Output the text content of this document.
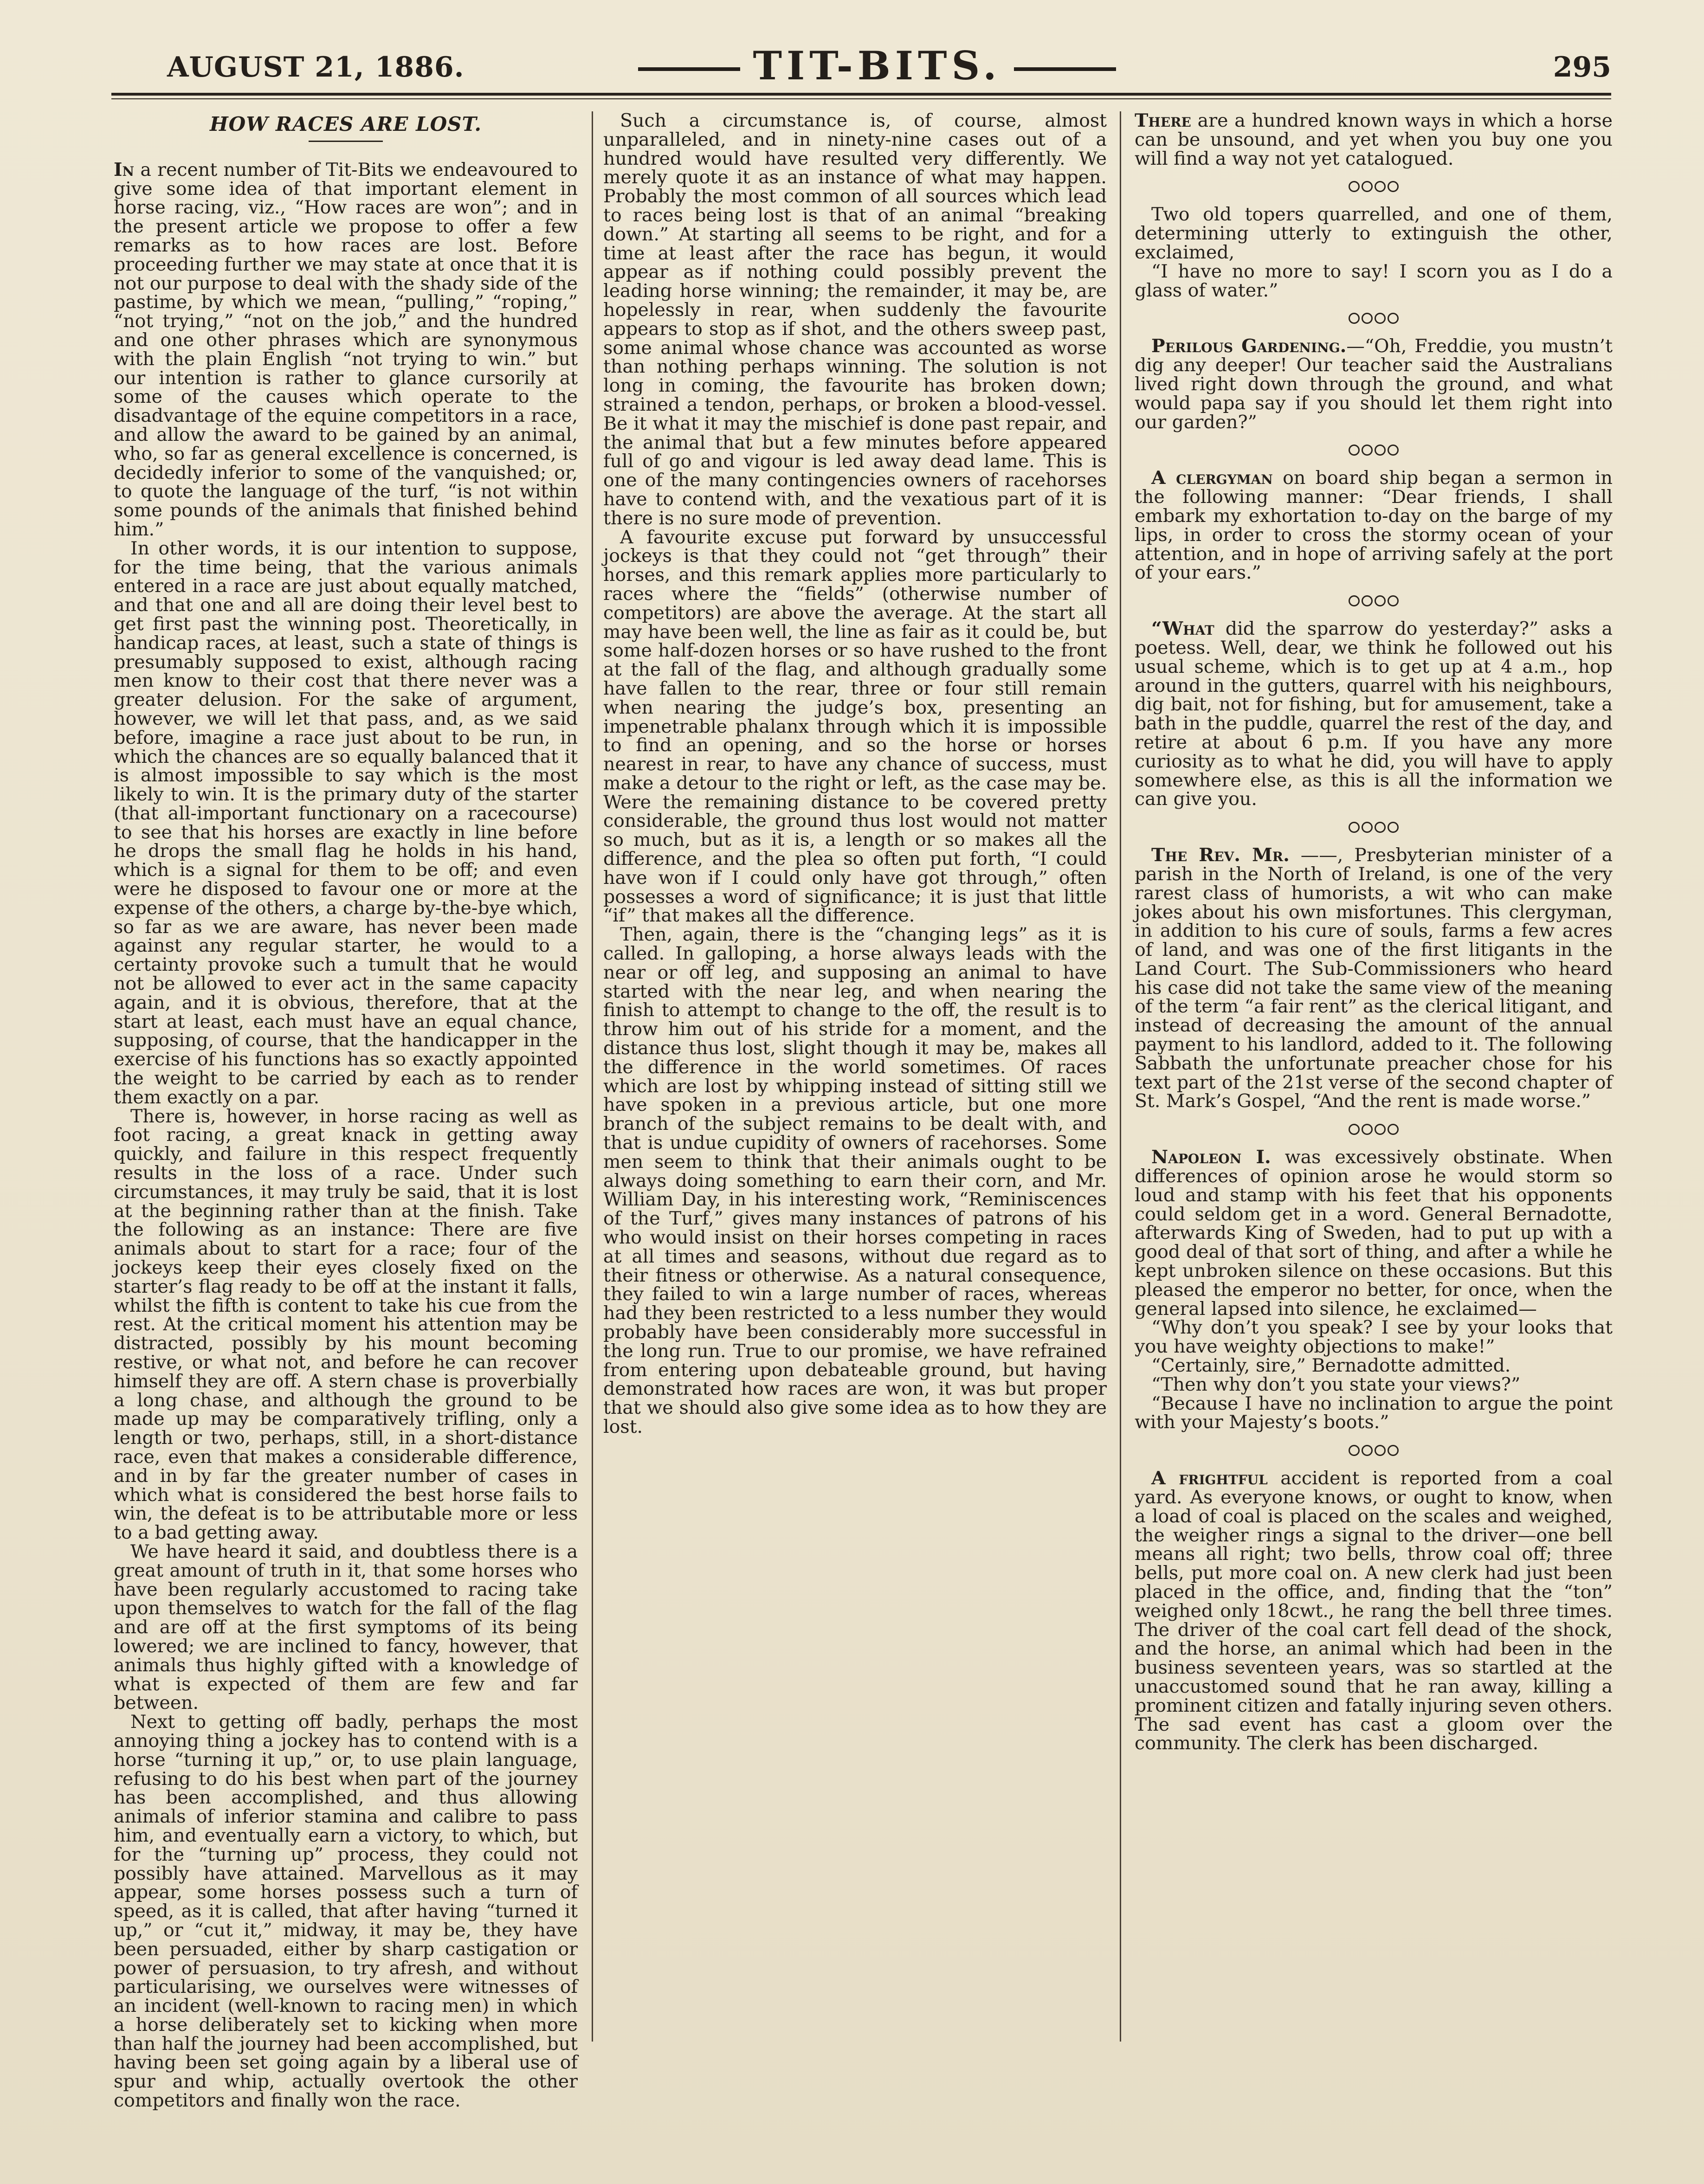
AUGUST 21, 1886.	TIT-BITS.	295
HOW RACES ARE LOST.

In a recent number of Tit-Bits we endeavoured to give some idea of that important element in horse racing, viz., “How races are won”; and in the present article we propose to offer a few remarks as to how races are lost. Before proceeding further we may state at once that it is not our purpose to deal with the shady side of the pastime, by which we mean, “pulling,” “roping,” “not trying,” “not on the job,” and the hundred and one other phrases which are synonymous with the plain English “not trying to win.” but our intention is rather to glance cursorily at some of the causes which operate to the disadvantage of the equine competitors in a race, and allow the award to be gained by an animal, who, so far as general excellence is concerned, is decidedly inferior to some of the vanquished; or, to quote the language of the turf, “is not within some pounds of the animals that finished behind him.”

In other words, it is our intention to suppose, for the time being, that the various animals entered in a race are just about equally matched, and that one and all are doing their level best to get first past the winning post. Theoretically, in handicap races, at least, such a state of things is presumably supposed to exist, although racing men know to their cost that there never was a greater delusion. For the sake of argument, however, we will let that pass, and, as we said before, imagine a race just about to be run, in which the chances are so equally balanced that it is almost impossible to say which is the most likely to win. It is the primary duty of the starter (that all-important functionary on a racecourse) to see that his horses are exactly in line before he drops the small flag he holds in his hand, which is a signal for them to be off; and even were he disposed to favour one or more at the expense of the others, a charge by-the-bye which, so far as we are aware, has never been made against any regular starter, he would to a certainty provoke such a tumult that he would not be allowed to ever act in the same capacity again, and it is obvious, therefore, that at the start at least, each must have an equal chance, supposing, of course, that the handicapper in the exercise of his functions has so exactly appointed the weight to be carried by each as to render them exactly on a par.

There is, however, in horse racing as well as foot racing, a great knack in getting away quickly, and failure in this respect frequently results in the loss of a race. Under such circumstances, it may truly be said, that it is lost at the beginning rather than at the finish. Take the following as an instance: There are five animals about to start for a race; four of the jockeys keep their eyes closely fixed on the starter’s flag ready to be off at the instant it falls, whilst the fifth is content to take his cue from the rest. At the critical moment his attention may be distracted, possibly by his mount becoming restive, or what not, and before he can recover himself they are off. A stern chase is proverbially a long chase, and although the ground to be made up may be comparatively trifling, only a length or two, perhaps, still, in a short-distance race, even that makes a considerable difference, and in by far the greater number of cases in which what is considered the best horse fails to win, the defeat is to be attributable more or less to a bad getting away.

We have heard it said, and doubtless there is a great amount of truth in it, that some horses who have been regularly accustomed to racing take upon themselves to watch for the fall of the flag and are off at the first symptoms of its being lowered; we are inclined to fancy, however, that animals thus highly gifted with a knowledge of what is expected of them are few and far between.

Next to getting off badly, perhaps the most annoying thing a jockey has to contend with is a horse “turning it up,” or, to use plain language, refusing to do his best when part of the journey has been accomplished, and thus allowing animals of inferior stamina and calibre to pass him, and eventually earn a victory, to which, but for the “turning up” process, they could not possibly have attained. Marvellous as it may appear, some horses possess such a turn of speed, as it is called, that after having “turned it up,” or “cut it,” midway, it may be, they have been persuaded, either by sharp castigation or power of persuasion, to try afresh, and without particularising, we ourselves were witnesses of an incident (well-known to racing men) in which a horse deliberately set to kicking when more than half the journey had been accomplished, but having been set going again by a liberal use of spur and whip, actually overtook the other competitors and finally won the race.

Such a circumstance is, of course, almost unparalleled, and in ninety-nine cases out of a hundred would have resulted very differently. We merely quote it as an instance of what may happen. Probably the most common of all sources which lead to races being lost is that of an animal “breaking down.” At starting all seems to be right, and for a time at least after the race has begun, it would appear as if nothing could possibly prevent the leading horse winning; the remainder, it may be, are hopelessly in rear, when suddenly the favourite appears to stop as if shot, and the others sweep past, some animal whose chance was accounted as worse than nothing perhaps winning. The solution is not long in coming, the favourite has broken down; strained a tendon, perhaps, or broken a blood-vessel. Be it what it may the mischief is done past repair, and the animal that but a few minutes before appeared full of go and vigour is led away dead lame. This is one of the many contingencies owners of racehorses have to contend with, and the vexatious part of it is there is no sure mode of prevention.

A favourite excuse put forward by unsuccessful jockeys is that they could not “get through” their horses, and this remark applies more particularly to races where the “fields” (otherwise number of competitors) are above the average. At the start all may have been well, the line as fair as it could be, but some half-dozen horses or so have rushed to the front at the fall of the flag, and although gradually some have fallen to the rear, three or four still remain when nearing the judge’s box, presenting an impenetrable phalanx through which it is impossible to find an opening, and so the horse or horses nearest in rear, to have any chance of success, must make a detour to the right or left, as the case may be. Were the remaining distance to be covered pretty considerable, the ground thus lost would not matter so much, but as it is, a length or so makes all the difference, and the plea so often put forth, “I could have won if I could only have got through,” often possesses a word of significance; it is just that little “if” that makes all the difference.

Then, again, there is the “changing legs” as it is called. In galloping, a horse always leads with the near or off leg, and supposing an animal to have started with the near leg, and when nearing the finish to attempt to change to the off, the result is to throw him out of his stride for a moment, and the distance thus lost, slight though it may be, makes all the difference in the world sometimes. Of races which are lost by whipping instead of sitting still we have spoken in a previous article, but one more branch of the subject remains to be dealt with, and that is undue cupidity of owners of racehorses. Some men seem to think that their animals ought to be always doing something to earn their corn, and Mr. William Day, in his interesting work, “Reminiscences of the Turf,” gives many instances of patrons of his who would insist on their horses competing in races at all times and seasons, without due regard as to their fitness or otherwise. As a natural consequence, they failed to win a large number of races, whereas had they been restricted to a less number they would probably have been considerably more successful in the long run. True to our promise, we have refrained from entering upon debateable ground, but having demonstrated how races are won, it was but proper that we should also give some idea as to how they are lost.

There are a hundred known ways in which a horse can be unsound, and yet when you buy one you will find a way not yet catalogued.

Two old topers quarrelled, and one of them, determining utterly to extinguish the other, exclaimed,

“I have no more to say! I scorn you as I do a glass of water.”

Perilous Gardening.—“Oh, Freddie, you mustn’t dig any deeper! Our teacher said the Australians lived right down through the ground, and what would papa say if you should let them right into our garden?”

A clergyman on board ship began a sermon in the following manner: “Dear friends, I shall embark my exhortation to-day on the barge of my lips, in order to cross the stormy ocean of your attention, and in hope of arriving safely at the port of your ears.”

“What did the sparrow do yesterday?” asks a poetess. Well, dear, we think he followed out his usual scheme, which is to get up at 4 a.m., hop around in the gutters, quarrel with his neighbours, dig bait, not for fishing, but for amusement, take a bath in the puddle, quarrel the rest of the day, and retire at about 6 p.m. If you have any more curiosity as to what he did, you will have to apply somewhere else, as this is all the information we can give you.

The Rev. Mr. ——, Presbyterian minister of a parish in the North of Ireland, is one of the very rarest class of humorists, a wit who can make jokes about his own misfortunes. This clergyman, in addition to his cure of souls, farms a few acres of land, and was one of the first litigants in the Land Court. The Sub-Commissioners who heard his case did not take the same view of the meaning of the term “a fair rent” as the clerical litigant, and instead of decreasing the amount of the annual payment to his landlord, added to it. The following Sabbath the unfortunate preacher chose for his text part of the 21st verse of the second chapter of St. Mark’s Gospel, “And the rent is made worse.”

Napoleon I. was excessively obstinate. When differences of opinion arose he would storm so loud and stamp with his feet that his opponents could seldom get in a word. General Bernadotte, afterwards King of Sweden, had to put up with a good deal of that sort of thing, and after a while he kept unbroken silence on these occasions. But this pleased the emperor no better, for once, when the general lapsed into silence, he exclaimed—

“Why don’t you speak? I see by your looks that you have weighty objections to make!”

“Certainly, sire,” Bernadotte admitted.

“Then why don’t you state your views?”

“Because I have no inclination to argue the point with your Majesty’s boots.”

A frightful accident is reported from a coal yard. As everyone knows, or ought to know, when a load of coal is placed on the scales and weighed, the weigher rings a signal to the driver—one bell means all right; two bells, throw coal off; three bells, put more coal on. A new clerk had just been placed in the office, and, finding that the “ton” weighed only 18cwt., he rang the bell three times. The driver of the coal cart fell dead of the shock, and the horse, an animal which had been in the business seventeen years, was so startled at the unaccustomed sound that he ran away, killing a prominent citizen and fatally injuring seven others. The sad event has cast a gloom over the community. The clerk has been discharged.
